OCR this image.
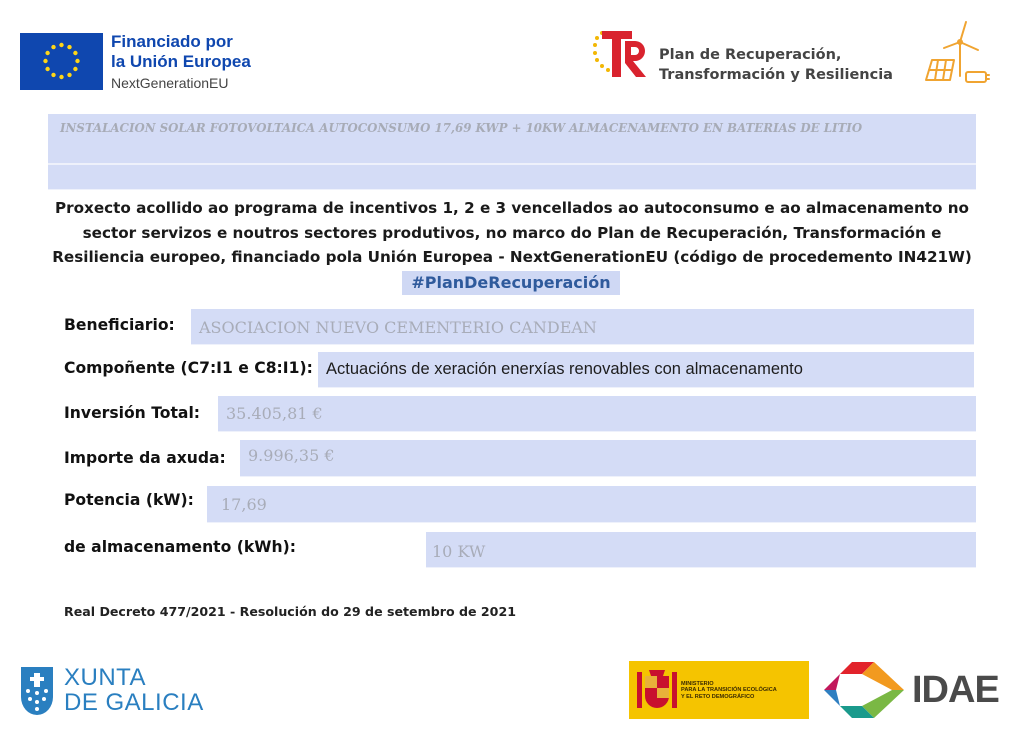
Financiado por
la Unión Europea
NextGenerationEU
Plan de Recuperación,
Transformación y Resiliencia
INSTALACION SOLAR FOTOVOLTAICA AUTOCONSUMO 17,69 KWP + 10KW ALMACENAMENTO EN BATERIAS DE LITIO
Proxecto acollido ao programa de incentivos 1, 2 e 3 vencellados ao autoconsumo e ao almacenamento no sector servizos e noutros sectores produtivos, no marco do Plan de Recuperación, Transformación e Resiliencia europeo, financiado pola Unión Europea - NextGenerationEU (código de procedemento IN421W)
#PlanDeRecuperación
Beneficiario: ASOCIACION NUEVO CEMENTERIO CANDEAN
Compoñente (C7:I1 e C8:I1): Actuacións de xeración enerxías renovables con almacenamento
Inversión Total: 35.405,81 €
Importe da axuda: 9.996,35 €
Potencia (kW): 17,69
de almacenamento (kWh):	10 KW
Real Decreto 477/2021 - Resolución do 29 de setembro de 2021
XUNTA
DE GALICIA
MINISTERIO
PARA LA TRANSICIÓN ECOLÓGICA
Y EL RETO DEMOGRÁFICO	IDAE
